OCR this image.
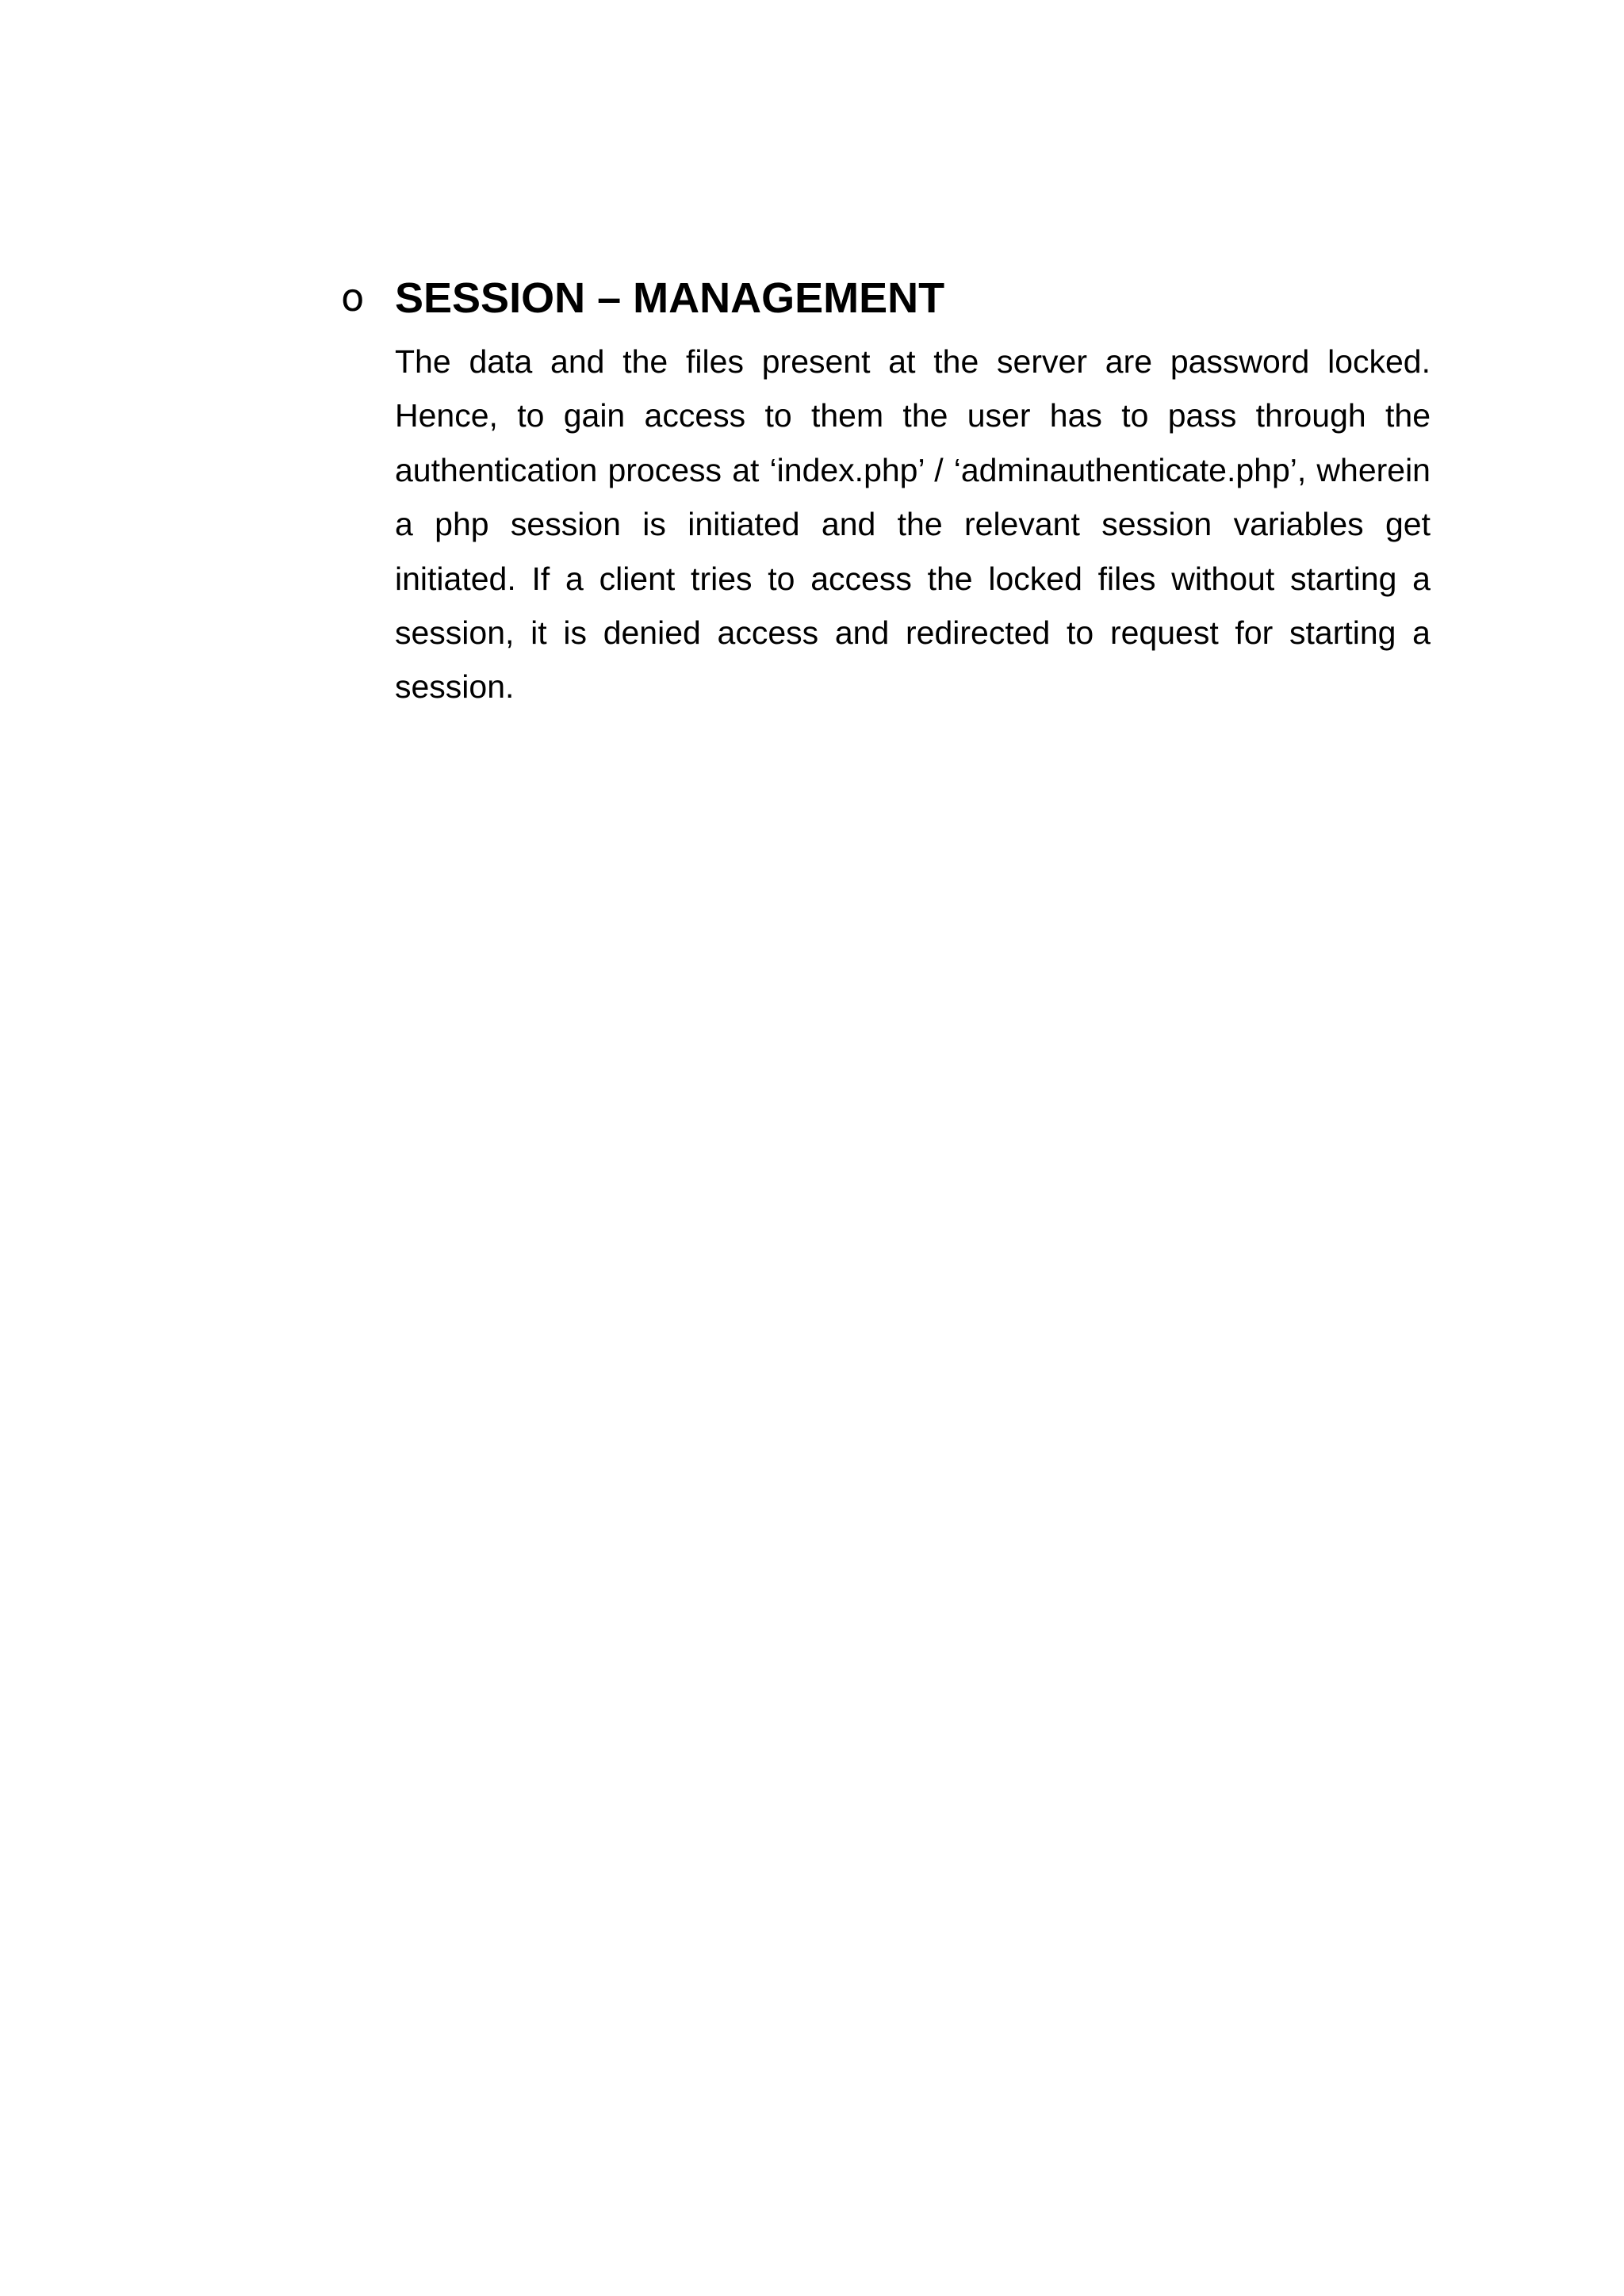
o SESSION – MANAGEMENT

The data and the files present at the server are password locked. Hence, to gain access to them the user has to pass through the authentication process at ‘index.php’ / ‘adminauthenticate.php’, wherein a php session is initiated and the relevant session variables get initiated. If a client tries to access the locked files without starting a session, it is denied access and redirected to request for starting a session.
